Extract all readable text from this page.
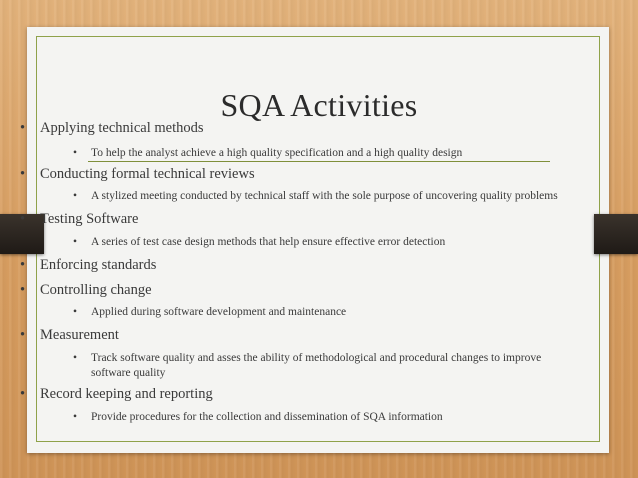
SQA Activities
• Applying technical methods
• To help the analyst achieve a high quality specification and a high quality design
• Conducting formal technical reviews
• A stylized meeting conducted by technical staff with the sole purpose of uncovering quality problems
• Testing Software
• A series of test case design methods that help ensure effective error detection
• Enforcing standards
• Controlling change
• Applied during software development and maintenance
• Measurement
• Track software quality and asses the ability of methodological and procedural changes to improve software quality
• Record keeping and reporting
• Provide procedures for the collection and dissemination of SQA information
